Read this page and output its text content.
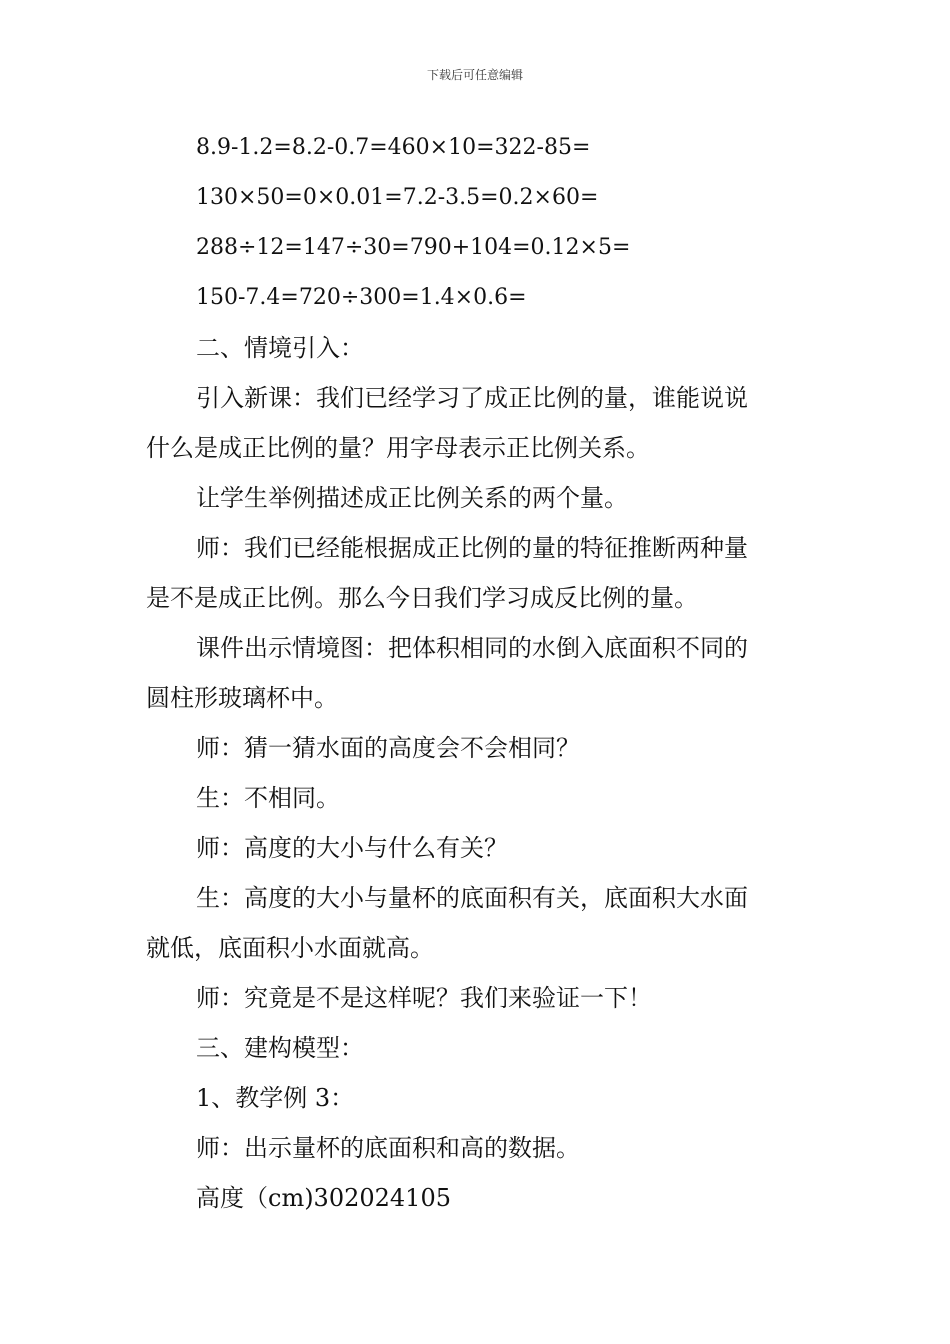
下载后可任意编辑
8.9-1.2=8.2-0.7=460×10=322-85=
130×50=0×0.01=7.2-3.5=0.2×60=
288÷12=147÷30=790+104=0.12×5=
150-7.4=720÷300=1.4×0.6=
二、情境引入：
引入新课：我们已经学习了成正比例的量，谁能说说
什么是成正比例的量？用字母表示正比例关系。
让学生举例描述成正比例关系的两个量。
师：我们已经能根据成正比例的量的特征推断两种量
是不是成正比例。那么今日我们学习成反比例的量。
课件出示情境图：把体积相同的水倒入底面积不同的
圆柱形玻璃杯中。
师：猜一猜水面的高度会不会相同？
生：不相同。
师：高度的大小与什么有关？
生：高度的大小与量杯的底面积有关，底面积大水面
就低，底面积小水面就高。
师：究竟是不是这样呢？我们来验证一下！
三、建构模型：
1、教学例 3：
师：出示量杯的底面积和高的数据。
高度（cm)302024105
